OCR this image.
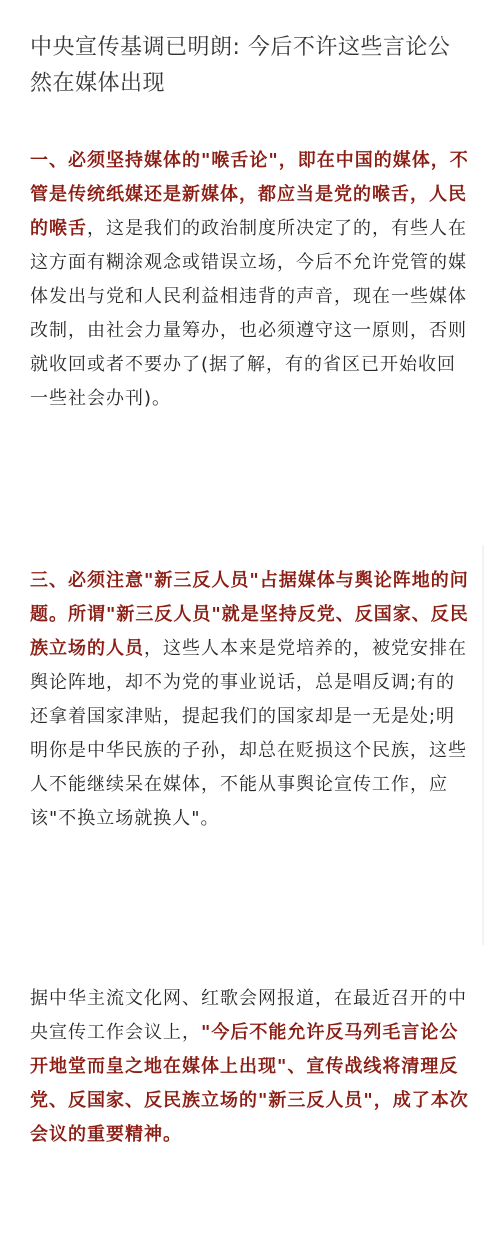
中央宣传基调已明朗: 今后不许这些言论公然在媒体出现
一、必须坚持媒体的"喉舌论"，即在中国的媒体，不管是传统纸媒还是新媒体，都应当是党的喉舌，人民的喉舌，这是我们的政治制度所决定了的，有些人在这方面有糊涂观念或错误立场，今后不允许党管的媒体发出与党和人民利益相违背的声音，现在一些媒体改制，由社会力量筹办，也必须遵守这一原则，否则就收回或者不要办了(据了解，有的省区已开始收回一些社会办刊)。
三、必须注意"新三反人员"占据媒体与舆论阵地的问题。所谓"新三反人员"就是坚持反党、反国家、反民族立场的人员，这些人本来是党培养的，被党安排在舆论阵地，却不为党的事业说话，总是唱反调;有的还拿着国家津贴，提起我们的国家却是一无是处;明明你是中华民族的子孙，却总在贬损这个民族，这些人不能继续呆在媒体，不能从事舆论宣传工作，应该"不换立场就换人"。
据中华主流文化网、红歌会网报道，在最近召开的中央宣传工作会议上，"今后不能允许反马列毛言论公开地堂而皇之地在媒体上出现"、宣传战线将清理反党、反国家、反民族立场的"新三反人员"，成了本次会议的重要精神。
